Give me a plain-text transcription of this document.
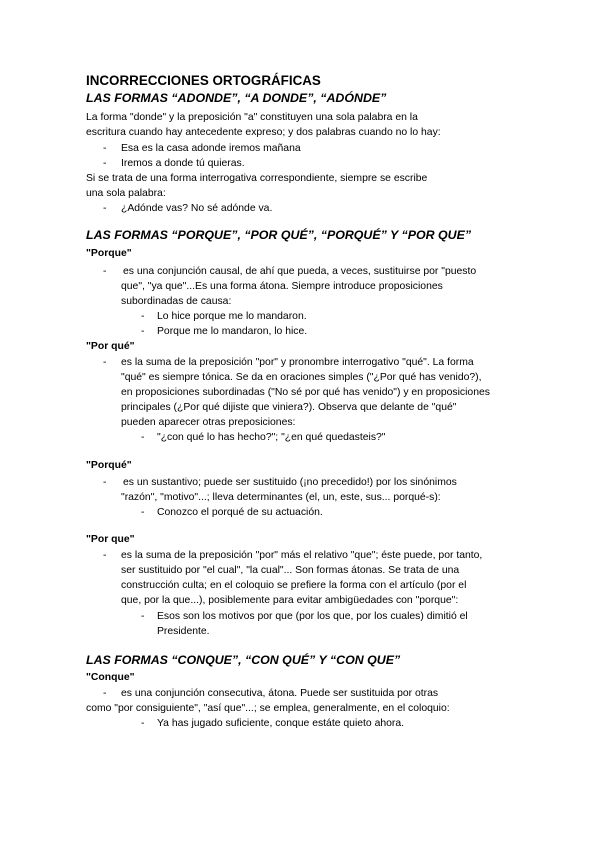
INCORRECCIONES ORTOGRÁFICAS
LAS FORMAS “ADONDE”, “A DONDE”, “ADÓNDE”
La forma "donde" y la preposición "a" constituyen una sola palabra en la
escritura cuando hay antecedente expreso; y dos palabras cuando no lo hay:
- Esa es la casa adonde iremos mañana
- Iremos a donde tú quieras.
Si se trata de una forma interrogativa correspondiente, siempre se escribe
una sola palabra:
- ¿Adónde vas? No sé adónde va.
LAS FORMAS “PORQUE”, “POR QUÉ”, “PORQUÉ” Y “POR QUE”
"Porque"
- es una conjunción causal, de ahí que pueda, a veces, sustituirse por "puesto
que", "ya que"...Es una forma átona. Siempre introduce proposiciones
subordinadas de causa:
- Lo hice porque me lo mandaron.
- Porque me lo mandaron, lo hice.
"Por qué"
- es la suma de la preposición "por" y pronombre interrogativo "qué". La forma
"qué" es siempre tónica. Se da en oraciones simples ("¿Por qué has venido?),
en proposiciones subordinadas ("No sé por qué has venido") y en proposiciones
principales (¿Por qué dijiste que viniera?). Observa que delante de "qué"
pueden aparecer otras preposiciones:
- "¿con qué lo has hecho?"; "¿en qué quedasteis?"
"Porqué"
- es un sustantivo; puede ser sustituido (¡no precedido!) por los sinónimos
"razón", "motivo"...; lleva determinantes (el, un, este, sus... porqué-s):
- Conozco el porqué de su actuación.
"Por que"
- es la suma de la preposición "por" más el relativo "que"; éste puede, por tanto,
ser sustituido por "el cual", "la cual"... Son formas átonas. Se trata de una
construcción culta; en el coloquio se prefiere la forma con el artículo (por el
que, por la que...), posiblemente para evitar ambigüedades con "porque":
- Esos son los motivos por que (por los que, por los cuales) dimitió el
Presidente.
LAS FORMAS “CONQUE”, “CON QUÉ” Y “CON QUE”
"Conque"
- es una conjunción consecutiva, átona. Puede ser sustituida por otras
como "por consiguiente", "así que"...; se emplea, generalmente, en el coloquio:
- Ya has jugado suficiente, conque estáte quieto ahora.
